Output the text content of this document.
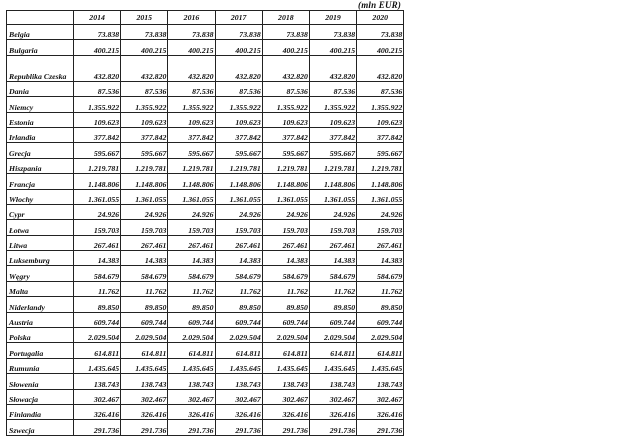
(mln EUR)
	2014	2015	2016	2017	2018	2019	2020
Belgia	73.838	73.838	73.838	73.838	73.838	73.838	73.838
Bulgaria	400.215	400.215	400.215	400.215	400.215	400.215	400.215
Republika Czeska	432.820	432.820	432.820	432.820	432.820	432.820	432.820
Dania	87.536	87.536	87.536	87.536	87.536	87.536	87.536
Niemcy	1.355.922	1.355.922	1.355.922	1.355.922	1.355.922	1.355.922	1.355.922
Estonia	109.623	109.623	109.623	109.623	109.623	109.623	109.623
Irlandia	377.842	377.842	377.842	377.842	377.842	377.842	377.842
Grecja	595.667	595.667	595.667	595.667	595.667	595.667	595.667
Hiszpania	1.219.781	1.219.781	1.219.781	1.219.781	1.219.781	1.219.781	1.219.781
Francja	1.148.806	1.148.806	1.148.806	1.148.806	1.148.806	1.148.806	1.148.806
Włochy	1.361.055	1.361.055	1.361.055	1.361.055	1.361.055	1.361.055	1.361.055
Cypr	24.926	24.926	24.926	24.926	24.926	24.926	24.926
Łotwa	159.703	159.703	159.703	159.703	159.703	159.703	159.703
Litwa	267.461	267.461	267.461	267.461	267.461	267.461	267.461
Luksemburg	14.383	14.383	14.383	14.383	14.383	14.383	14.383
Węgry	584.679	584.679	584.679	584.679	584.679	584.679	584.679
Malta	11.762	11.762	11.762	11.762	11.762	11.762	11.762
Niderlandy	89.850	89.850	89.850	89.850	89.850	89.850	89.850
Austria	609.744	609.744	609.744	609.744	609.744	609.744	609.744
Polska	2.029.504	2.029.504	2.029.504	2.029.504	2.029.504	2.029.504	2.029.504
Portugalia	614.811	614.811	614.811	614.811	614.811	614.811	614.811
Rumunia	1.435.645	1.435.645	1.435.645	1.435.645	1.435.645	1.435.645	1.435.645
Słowenia	138.743	138.743	138.743	138.743	138.743	138.743	138.743
Słowacja	302.467	302.467	302.467	302.467	302.467	302.467	302.467
Finlandia	326.416	326.416	326.416	326.416	326.416	326.416	326.416
Szwecja	291.736	291.736	291.736	291.736	291.736	291.736	291.736
